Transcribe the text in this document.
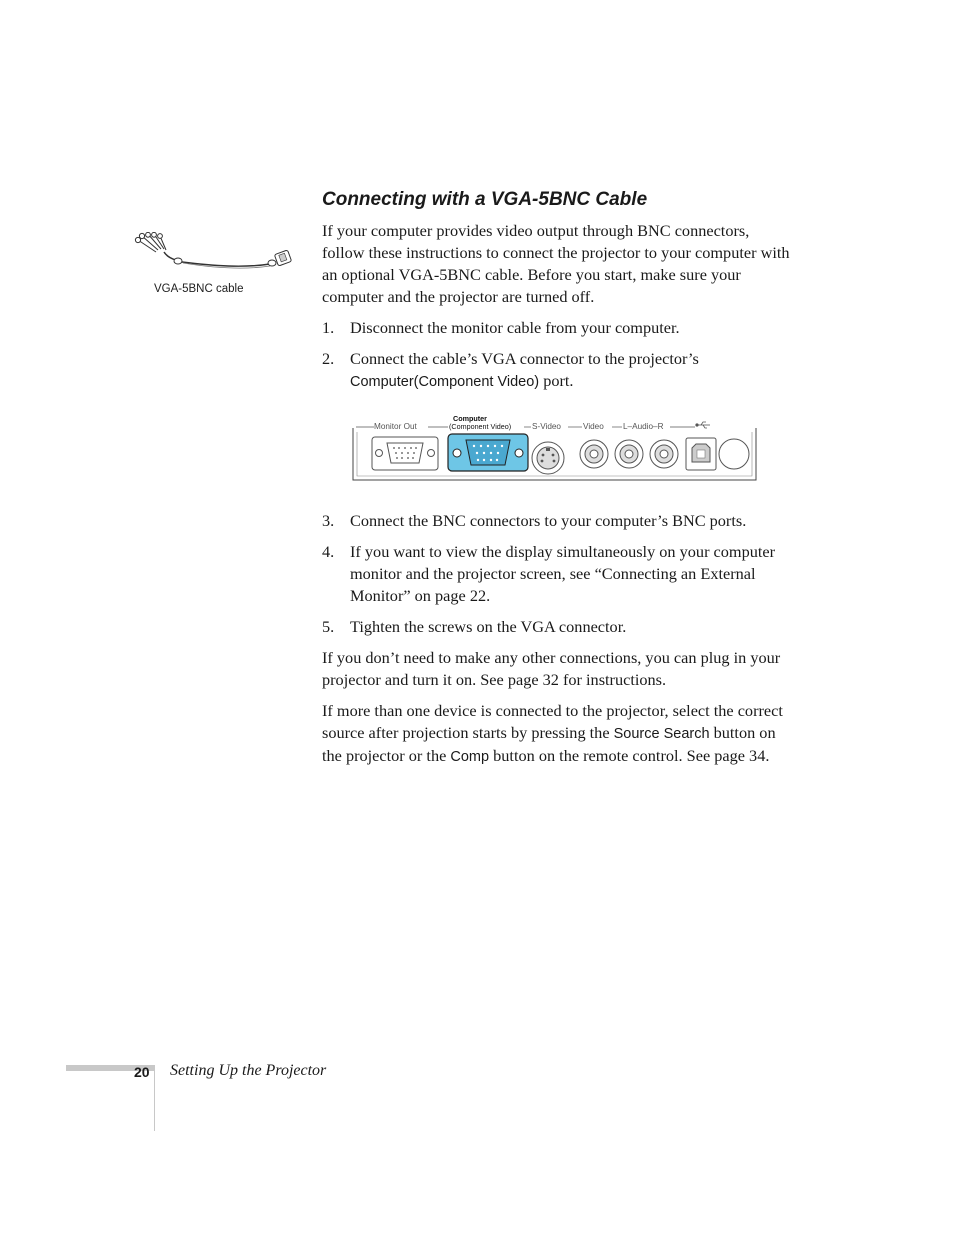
Connecting with a VGA-5BNC Cable
VGA-5BNC cable

If your computer provides video output through BNC connectors, follow these instructions to connect the projector to your computer with an optional VGA-5BNC cable. Before you start, make sure your computer and the projector are turned off.

1. Disconnect the monitor cable from your computer.
2. Connect the cable’s VGA connector to the projector’s Computer(Component Video) port.
Monitor Out
Computer
(Component Video)	S-Video	Video L–Audio–R
3. Connect the BNC connectors to your computer’s BNC ports.
4. If you want to view the display simultaneously on your computer monitor and the projector screen, see “Connecting an External Monitor” on page 22.
5. Tighten the screws on the VGA connector.

If you don’t need to make any other connections, you can plug in your projector and turn it on. See page 32 for instructions.

If more than one device is connected to the projector, select the correct source after projection starts by pressing the Source Search button on the projector or the Comp button on the remote control. See page 34.

20 Setting Up the Projector
